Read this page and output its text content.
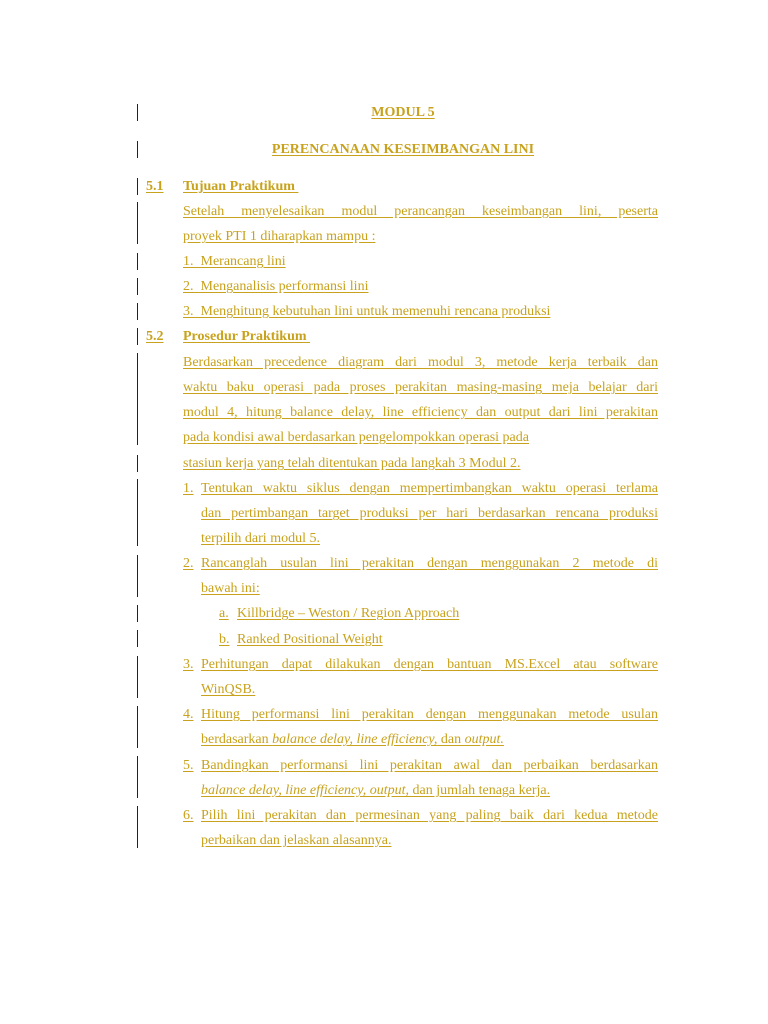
MODUL 5
PERENCANAAN KESEIMBANGAN LINI
5.1 Tujuan Praktikum
Setelah menyelesaikan modul perancangan keseimbangan lini, peserta
proyek PTI 1 diharapkan mampu :
1. Merancang lini
2. Menganalisis performansi lini
3. Menghitung kebutuhan lini untuk memenuhi rencana produksi
5.2 Prosedur Praktikum
Berdasarkan precedence diagram dari modul 3, metode kerja terbaik dan
waktu baku operasi pada proses perakitan masing-masing meja belajar dari
modul 4, hitung balance delay, line efficiency dan output dari lini perakitan
pada kondisi awal berdasarkan pengelompokkan operasi pada
stasiun kerja yang telah ditentukan pada langkah 3 Modul 2.
1. Tentukan waktu siklus dengan mempertimbangkan waktu operasi terlama
dan pertimbangan target produksi per hari berdasarkan rencana produksi
terpilih dari modul 5.
2. Rancanglah usulan lini perakitan dengan menggunakan 2 metode di
bawah ini:
a. Killbridge – Weston / Region Approach
b. Ranked Positional Weight
3. Perhitungan dapat dilakukan dengan bantuan MS.Excel atau software
WinQSB.
4. Hitung performansi lini perakitan dengan menggunakan metode usulan
berdasarkan balance delay, line efficiency, dan output.
5. Bandingkan performansi lini perakitan awal dan perbaikan berdasarkan
balance delay, line efficiency, output, dan jumlah tenaga kerja.
6. Pilih lini perakitan dan permesinan yang paling baik dari kedua metode
perbaikan dan jelaskan alasannya.
